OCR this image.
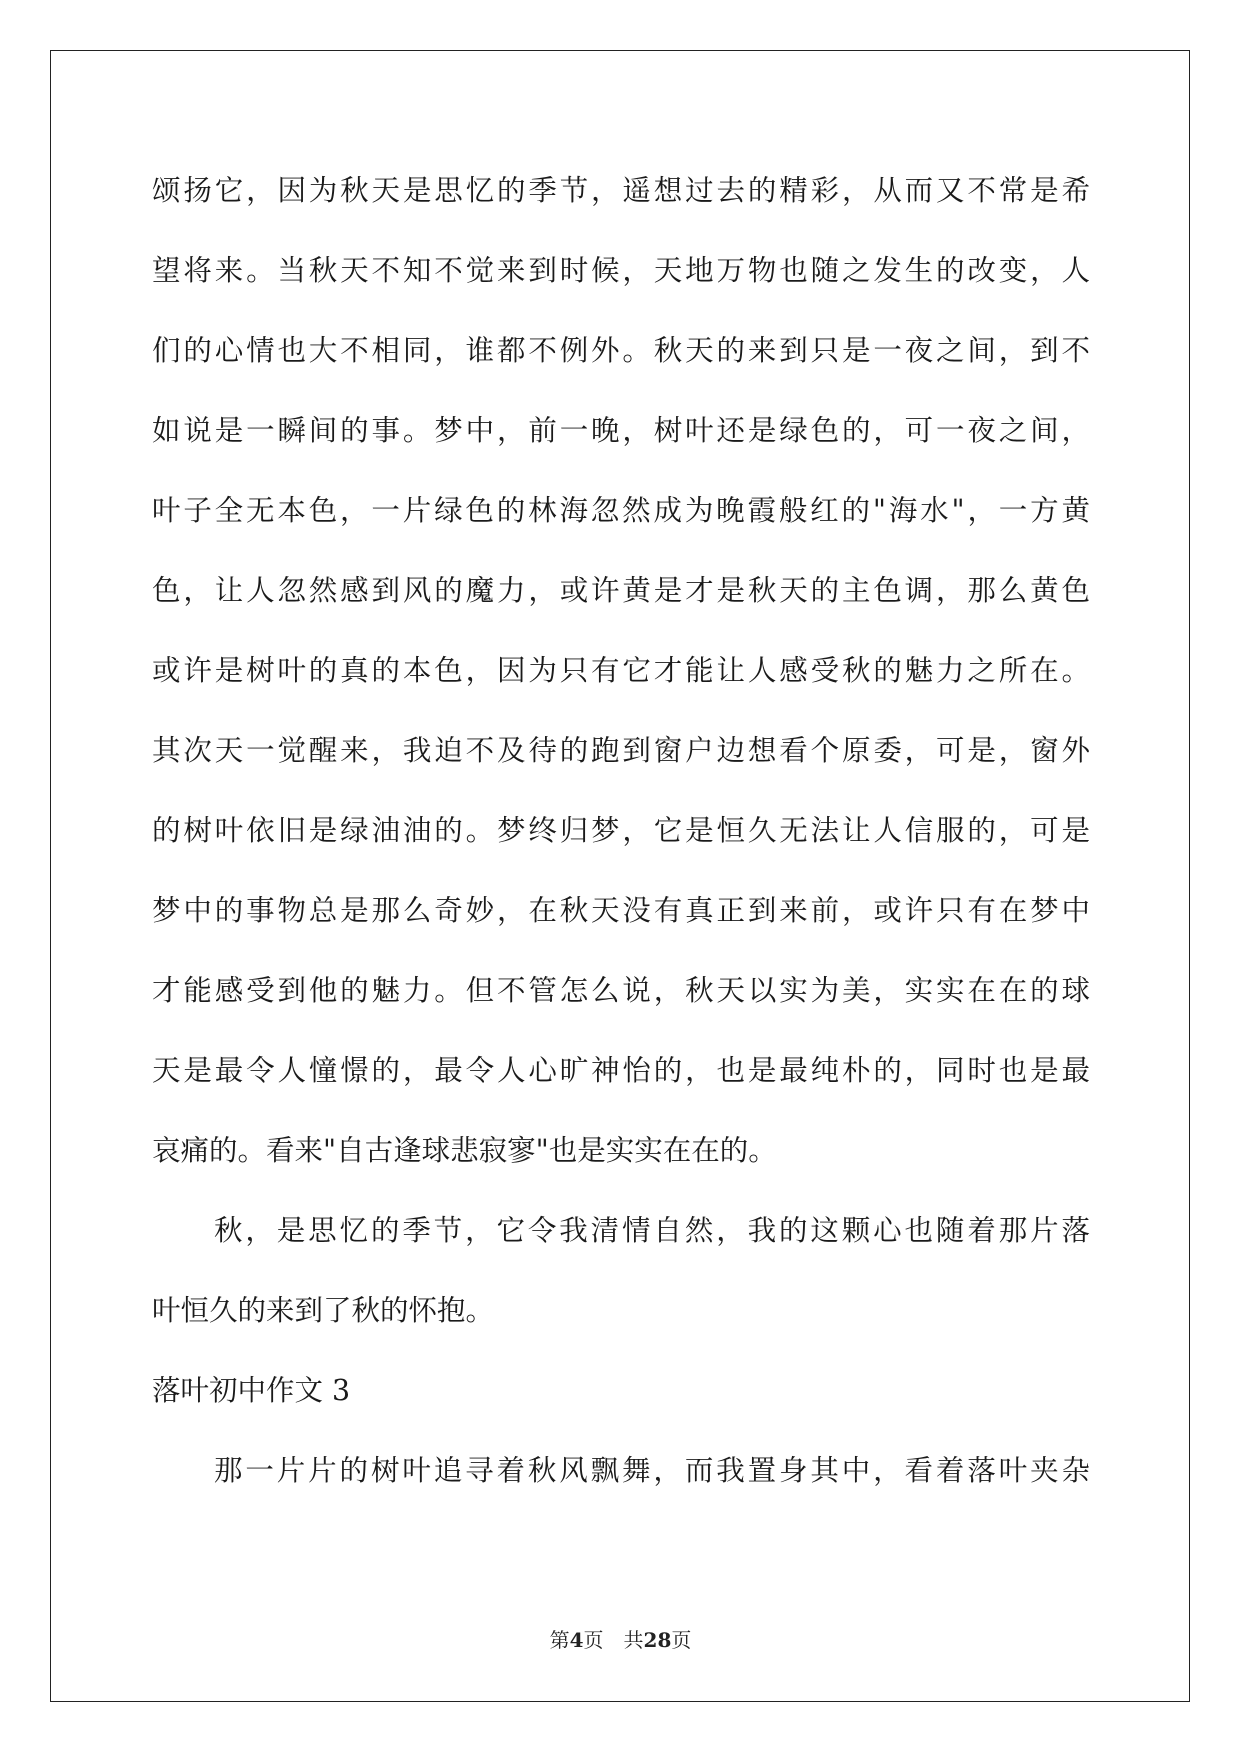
颂扬它，因为秋天是思忆的季节，遥想过去的精彩，从而又不常是希
望将来。当秋天不知不觉来到时候，天地万物也随之发生的改变，人
们的心情也大不相同，谁都不例外。秋天的来到只是一夜之间，到不
如说是一瞬间的事。梦中，前一晚，树叶还是绿色的，可一夜之间，
叶子全无本色，一片绿色的林海忽然成为晚霞般红的"海水"，一方黄
色，让人忽然感到风的魔力，或许黄是才是秋天的主色调，那么黄色
或许是树叶的真的本色，因为只有它才能让人感受秋的魅力之所在。
其次天一觉醒来，我迫不及待的跑到窗户边想看个原委，可是，窗外
的树叶依旧是绿油油的。梦终归梦，它是恒久无法让人信服的，可是
梦中的事物总是那么奇妙，在秋天没有真正到来前，或许只有在梦中
才能感受到他的魅力。但不管怎么说，秋天以实为美，实实在在的球
天是最令人憧憬的，最令人心旷神怡的，也是最纯朴的，同时也是最
哀痛的。看来"自古逢球悲寂寥"也是实实在在的。
秋，是思忆的季节，它令我清情自然，我的这颗心也随着那片落
叶恒久的来到了秋的怀抱。
落叶初中作文 3
那一片片的树叶追寻着秋风飘舞，而我置身其中，看着落叶夹杂
第4页　共28页
